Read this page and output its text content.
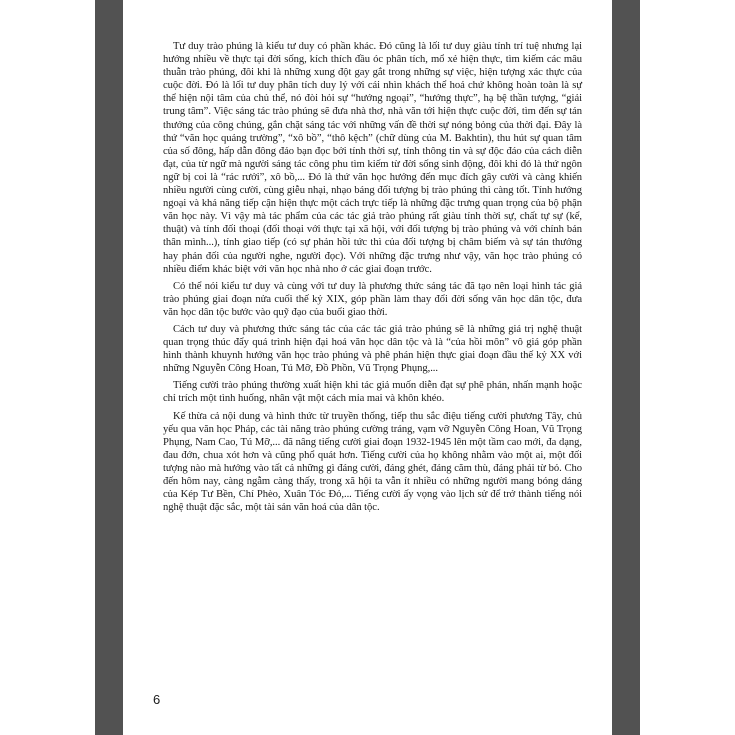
Tư duy trào phúng là kiểu tư duy có phần khác. Đó cũng là lối tư duy giàu tính trí tuệ nhưng lại hướng nhiều về thực tại đời sống, kích thích đầu óc phân tích, mổ xẻ hiện thực, tìm kiếm các mâu thuẫn trào phúng, đôi khi là những xung đột gay gắt trong những sự việc, hiện tượng xác thực của cuộc đời. Đó là lối tư duy phân tích duy lý với cái nhìn khách thể hoá chứ không hoàn toàn là sự thể hiện nội tâm của chủ thể, nó đòi hỏi sự “hướng ngoại”, “hướng thực”, hạ bệ thần tượng, “giải trung tâm”. Việc sáng tác trào phúng sẽ đưa nhà thơ, nhà văn tới hiện thực cuộc đời, tìm đến sự tán thưởng của công chúng, gắn chặt sáng tác với những vấn đề thời sự nóng bỏng của thời đại. Đây là thứ “văn học quảng trường”, “xô bồ”, “thô kệch” (chữ dùng của M. Bakhtin), thu hút sự quan tâm của số đông, hấp dẫn đông đảo bạn đọc bởi tính thời sự, tính thông tin và sự độc đáo của cách diễn đạt, của từ ngữ mà người sáng tác công phu tìm kiếm từ đời sống sinh động, đôi khi đó là thứ ngôn ngữ bị coi là “rác rưởi”, xô bồ,... Đó là thứ văn học hướng đến mục đích gây cười và càng khiến nhiều người cùng cười, cùng giễu nhại, nhạo báng đối tượng bị trào phúng thì càng tốt. Tính hướng ngoại và khả năng tiếp cận hiện thực một cách trực tiếp là những đặc trưng quan trọng của bộ phận văn học này. Vì vậy mà tác phẩm của các tác giả trào phúng rất giàu tính thời sự, chất tự sự (kể, thuật) và tính đối thoại (đối thoại với thực tại xã hội, với đối tượng bị trào phúng và với chính bản thân mình...), tính giao tiếp (có sự phản hồi tức thì của đối tượng bị châm biếm và sự tán thưởng hay phản đối của người nghe, người đọc). Với những đặc trưng như vậy, văn học trào phúng có nhiều điểm khác biệt với văn học nhà nho ở các giai đoạn trước.

Có thể nói kiểu tư duy và cùng với tư duy là phương thức sáng tác đã tạo nên loại hình tác giả trào phúng giai đoạn nửa cuối thế kỷ XIX, góp phần làm thay đổi đời sống văn học dân tộc, đưa văn học dân tộc bước vào quỹ đạo của buổi giao thời.

Cách tư duy và phương thức sáng tác của các tác giả trào phúng sẽ là những giá trị nghệ thuật quan trọng thúc đẩy quá trình hiện đại hoá văn học dân tộc và là “của hồi môn” vô giá góp phần hình thành khuynh hướng văn học trào phúng và phê phán hiện thực giai đoạn đầu thế kỷ XX với những Nguyễn Công Hoan, Tú Mỡ, Đồ Phồn, Vũ Trọng Phụng,...

Tiếng cười trào phúng thường xuất hiện khi tác giả muốn diễn đạt sự phê phán, nhấn mạnh hoặc chỉ trích một tình huống, nhân vật một cách mỉa mai và khôn khéo.

Kế thừa cả nội dung và hình thức từ truyền thống, tiếp thu sắc điệu tiếng cười phương Tây, chủ yếu qua văn học Pháp, các tài năng trào phúng cường tráng, vạm vỡ Nguyễn Công Hoan, Vũ Trọng Phụng, Nam Cao, Tú Mỡ,... đã nâng tiếng cười giai đoạn 1932-1945 lên một tầm cao mới, đa dạng, đau đớn, chua xót hơn và cũng phổ quát hơn. Tiếng cười của họ không nhằm vào một ai, một đối tượng nào mà hướng vào tất cả những gì đáng cười, đáng ghét, đáng căm thù, đáng phải từ bỏ. Cho đến hôm nay, càng ngẫm càng thấy, trong xã hội ta vẫn ít nhiều có những người mang bóng dáng của Kép Tư Bền, Chí Phèo, Xuân Tóc Đỏ,... Tiếng cười ấy vọng vào lịch sử để trở thành tiếng nói nghệ thuật đặc sắc, một tài sản văn hoá của dân tộc.

6
